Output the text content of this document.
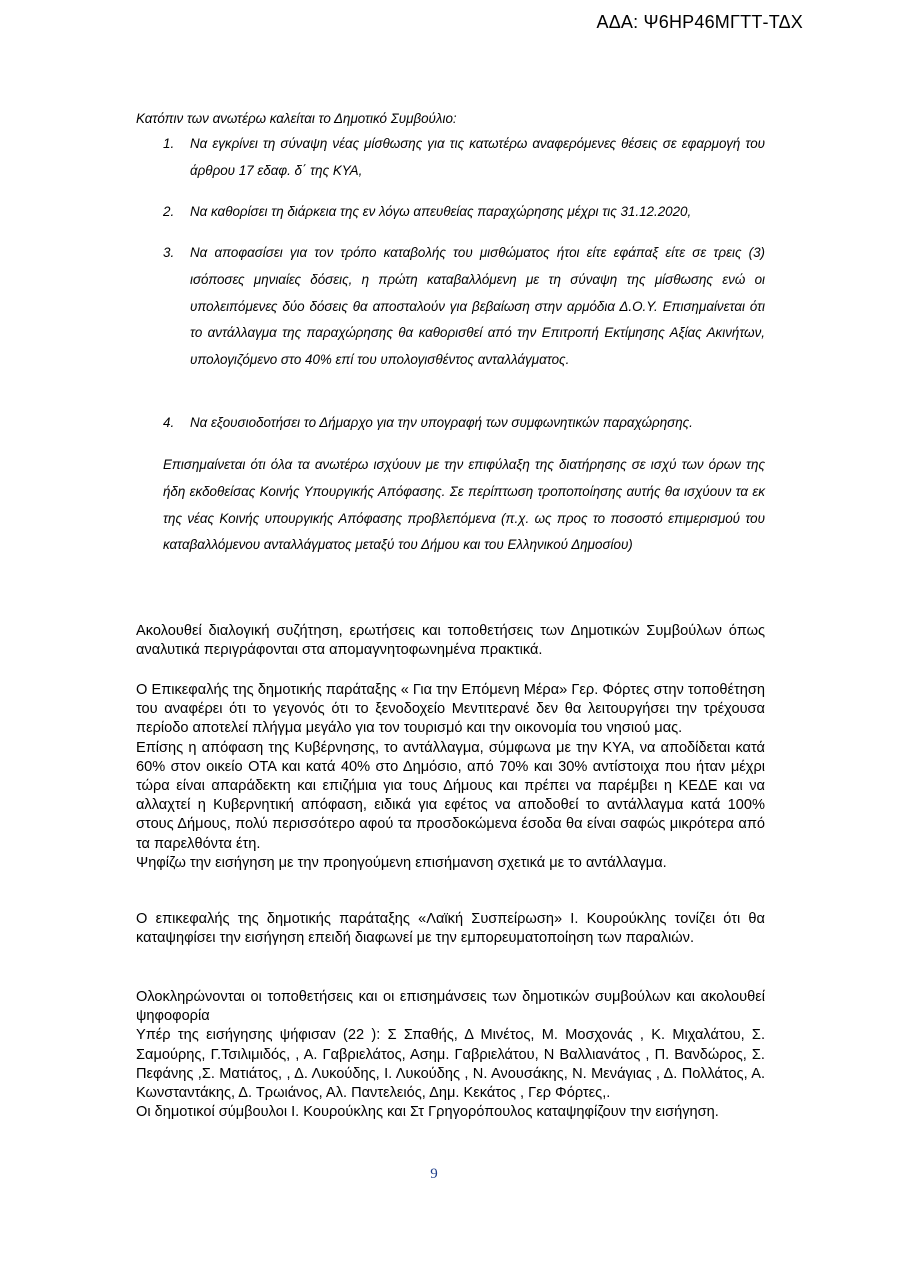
ΑΔΑ: Ψ6ΗΡ46ΜΓΤΤ-ΤΔΧ
Κατόπιν των ανωτέρω καλείται το Δημοτικό Συμβούλιο:
1. Να εγκρίνει τη σύναψη νέας μίσθωσης για τις κατωτέρω αναφερόμενες θέσεις σε εφαρμογή του άρθρου 17 εδαφ. δ΄ της ΚΥΑ,
2. Να καθορίσει τη διάρκεια της εν λόγω απευθείας παραχώρησης μέχρι τις 31.12.2020,
3. Να αποφασίσει για τον τρόπο καταβολής του μισθώματος ήτοι είτε εφάπαξ είτε σε τρεις (3) ισόποσες μηνιαίες δόσεις, η πρώτη καταβαλλόμενη με τη σύναψη της μίσθωσης ενώ οι υπολειπόμενες δύο δόσεις θα αποσταλούν για βεβαίωση στην αρμόδια Δ.Ο.Υ. Επισημαίνεται ότι το αντάλλαγμα της παραχώρησης θα καθορισθεί από την Επιτροπή Εκτίμησης Αξίας Ακινήτων, υπολογιζόμενο στο 40% επί του υπολογισθέντος ανταλλάγματος.
4. Να εξουσιοδοτήσει το Δήμαρχο για την υπογραφή των συμφωνητικών παραχώρησης.
Επισημαίνεται ότι όλα τα ανωτέρω ισχύουν με την επιφύλαξη της διατήρησης σε ισχύ των όρων της ήδη εκδοθείσας Κοινής Υπουργικής Απόφασης. Σε περίπτωση τροποποίησης αυτής θα ισχύουν τα εκ της νέας Κοινής υπουργικής Απόφασης προβλεπόμενα (π.χ. ως προς το ποσοστό επιμερισμού του καταβαλλόμενου ανταλλάγματος μεταξύ του Δήμου και του Ελληνικού Δημοσίου)

Ακολουθεί διαλογική συζήτηση, ερωτήσεις και τοποθετήσεις των Δημοτικών Συμβούλων όπως αναλυτικά περιγράφονται στα απομαγνητοφωνημένα πρακτικά.

Ο Επικεφαλής της δημοτικής παράταξης « Για την Επόμενη Μέρα» Γερ. Φόρτες στην τοποθέτηση του αναφέρει ότι το γεγονός ότι το ξενοδοχείο Μεντιτερανέ δεν θα λειτουργήσει την τρέχουσα περίοδο αποτελεί πλήγμα μεγάλο για τον τουρισμό και την οικονομία του νησιού μας.

Επίσης η απόφαση της Κυβέρνησης, το αντάλλαγμα, σύμφωνα με την ΚΥΑ, να αποδίδεται κατά 60% στον οικείο ΟΤΑ και κατά 40% στο Δημόσιο, από 70% και 30% αντίστοιχα που ήταν μέχρι τώρα είναι απαράδεκτη και επιζήμια για τους Δήμους και πρέπει να παρέμβει η ΚΕΔΕ και να αλλαχτεί η Κυβερνητική απόφαση, ειδικά για εφέτος να αποδοθεί το αντάλλαγμα κατά 100% στους Δήμους, πολύ περισσότερο αφού τα προσδοκώμενα έσοδα θα είναι σαφώς μικρότερα από τα παρελθόντα έτη.

Ψηφίζω την εισήγηση με την προηγούμενη επισήμανση σχετικά με το αντάλλαγμα.

Ο επικεφαλής της δημοτικής παράταξης «Λαϊκή Συσπείρωση» Ι. Κουρούκλης τονίζει ότι θα καταψηφίσει την εισήγηση επειδή διαφωνεί με την εμπορευματοποίηση των παραλιών.

Ολοκληρώνονται οι τοποθετήσεις και οι επισημάνσεις των δημοτικών συμβούλων και ακολουθεί ψηφοφορία

Υπέρ της εισήγησης ψήφισαν (22 ): Σ Σπαθής, Δ Μινέτος, Μ. Μοσχονάς , Κ. Μιχαλάτου, Σ. Σαμούρης, Γ.Τσιλιμιδός, , Α. Γαβριελάτος, Ασημ. Γαβριελάτου, Ν Βαλλιανάτος , Π. Βανδώρος, Σ. Πεφάνης ,Σ. Ματιάτος, , Δ. Λυκούδης, Ι. Λυκούδης , Ν. Ανουσάκης, Ν. Μενάγιας , Δ. Πολλάτος, Α. Κωνσταντάκης, Δ. Τρωιάνος, Αλ. Παντελειός, Δημ. Κεκάτος , Γερ Φόρτες,.

Οι δημοτικοί σύμβουλοι Ι. Κουρούκλης και Στ Γρηγορόπουλος καταψηφίζουν την εισήγηση.

9
